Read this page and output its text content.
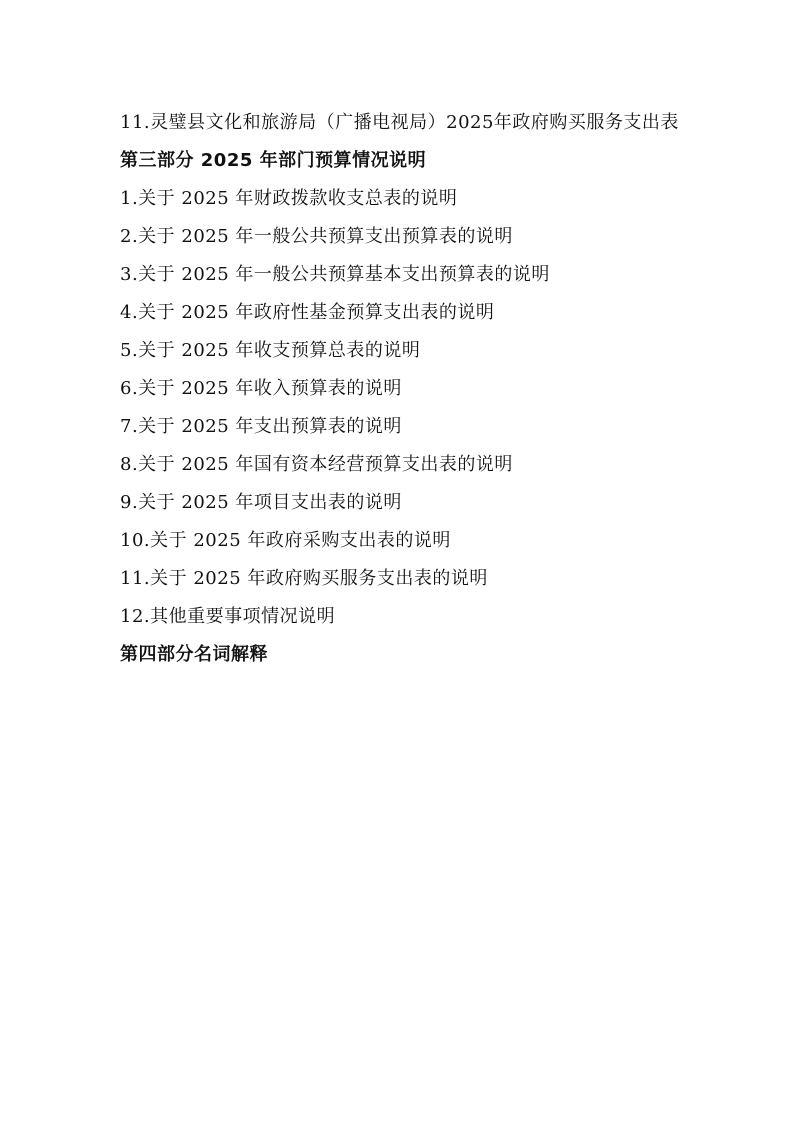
11.灵璧县文化和旅游局（广播电视局）2025年政府购买服务支出表
第三部分 2025 年部门预算情况说明
1.关于 2025 年财政拨款收支总表的说明
2.关于 2025 年一般公共预算支出预算表的说明
3.关于 2025 年一般公共预算基本支出预算表的说明
4.关于 2025 年政府性基金预算支出表的说明
5.关于 2025 年收支预算总表的说明
6.关于 2025 年收入预算表的说明
7.关于 2025 年支出预算表的说明
8.关于 2025 年国有资本经营预算支出表的说明
9.关于 2025 年项目支出表的说明
10.关于 2025 年政府采购支出表的说明
11.关于 2025 年政府购买服务支出表的说明
12.其他重要事项情况说明
第四部分名词解释
